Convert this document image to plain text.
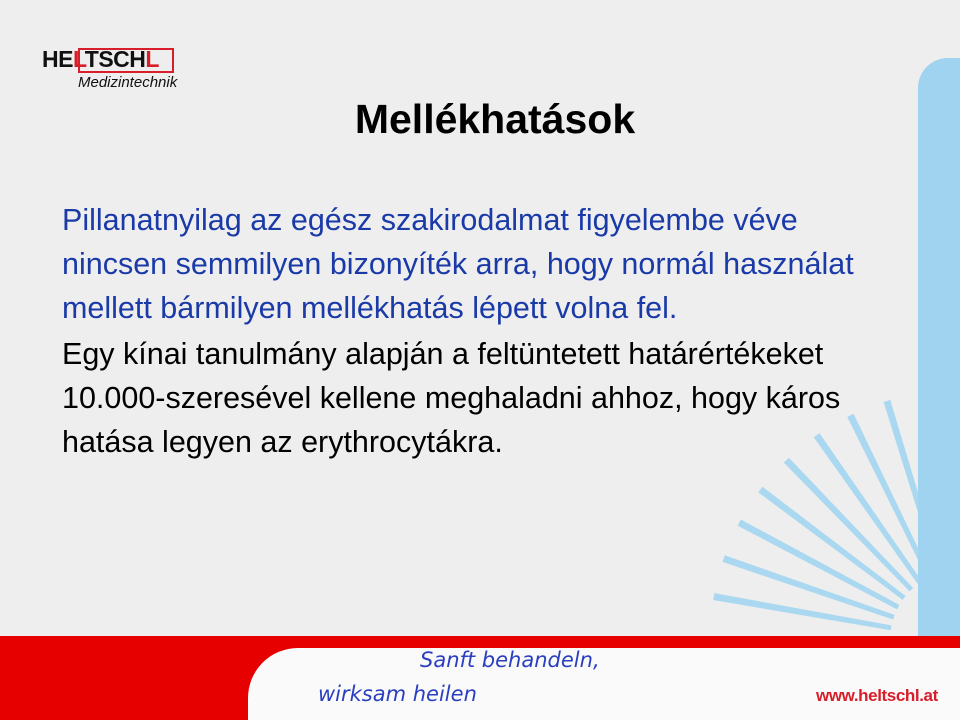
HELTSCHL
Medizintechnik
Mellékhatások

Pillanatnyilag az egész szakirodalmat figyelembe véve nincsen semmilyen bizonyíték arra, hogy normál használat mellett bármilyen mellékhatás lépett volna fel.

Egy kínai tanulmány alapján a feltüntetett határértékeket 10.000-szeresével kellene meghaladni ahhoz, hogy káros hatása legyen az erythrocytákra.

Sanft behandeln,
wirksam heilen	www.heltschl.at
